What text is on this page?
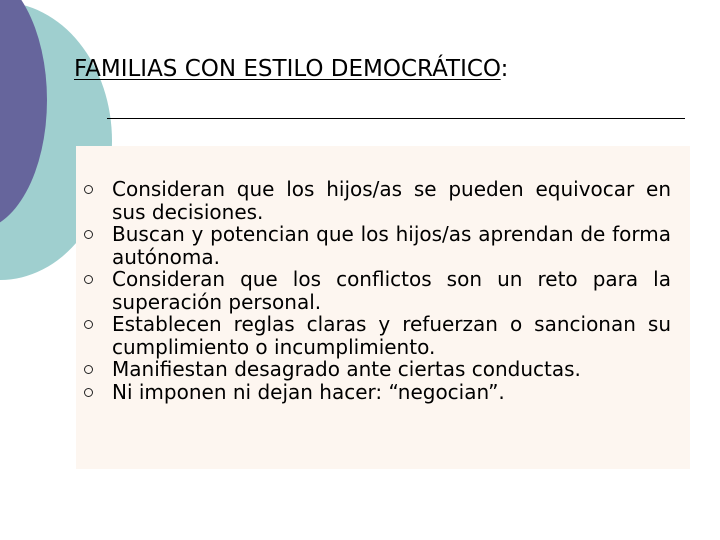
FAMILIAS CON ESTILO DEMOCRÁTICO:
Consideran que los hijos/as se pueden equivocar en sus decisiones.
Buscan y potencian que los hijos/as aprendan de forma autónoma.
Consideran que los conflictos son un reto para la superación personal.
Establecen reglas claras y refuerzan o sancionan su cumplimiento o incumplimiento.
Manifiestan desagrado ante ciertas conductas.
Ni imponen ni dejan hacer: “negocian”.
